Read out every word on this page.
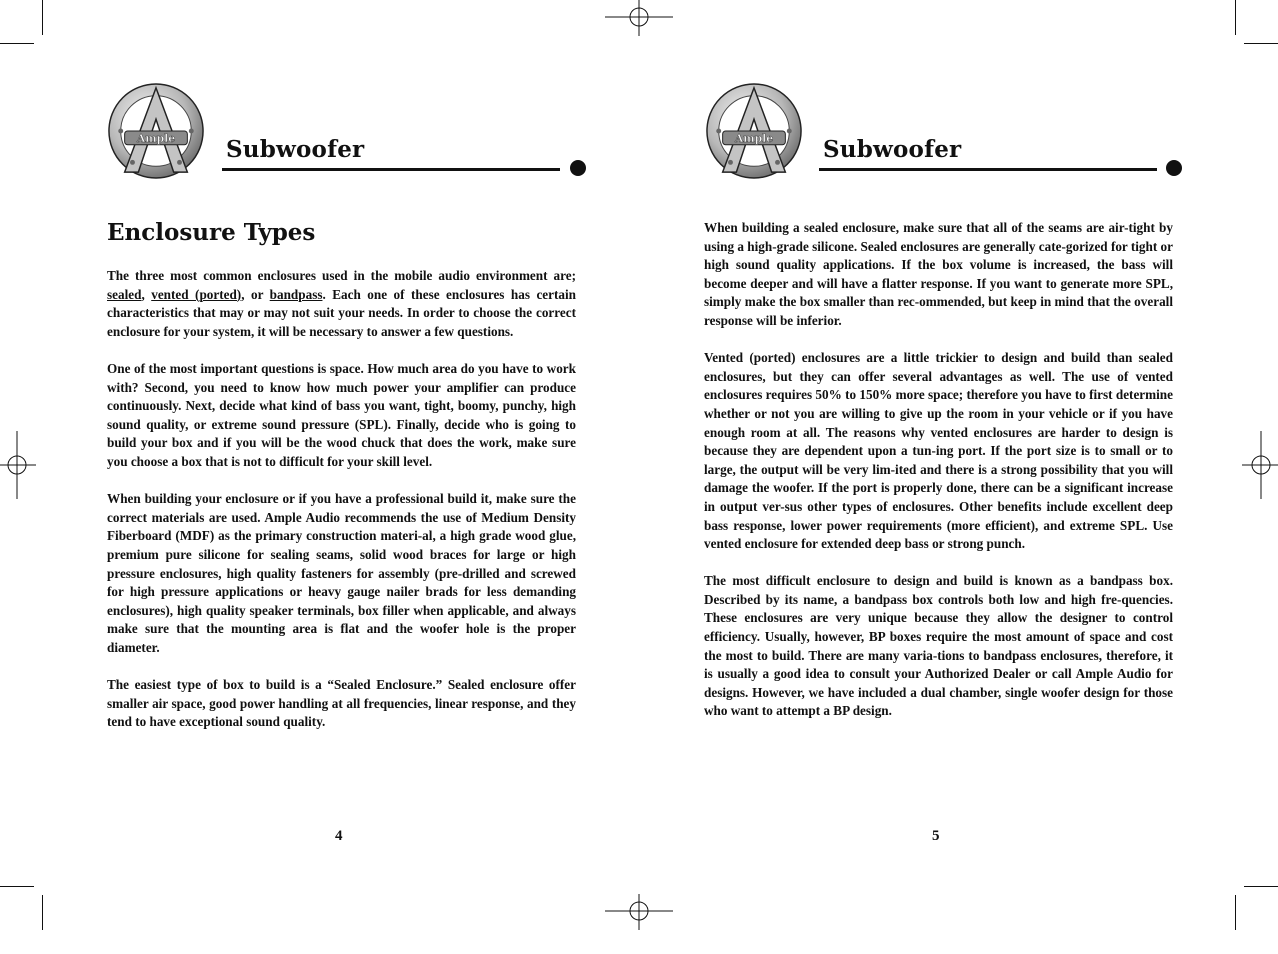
Ample Subwoofer
Enclosure Types

The three most common enclosures used in the mobile audio environment are; sealed, vented (ported), or bandpass. Each one of these enclosures has certain characteristics that may or may not suit your needs. In order to choose the correct enclosure for your system, it will be necessary to answer a few questions.

One of the most important questions is space. How much area do you have to work with? Second, you need to know how much power your amplifier can produce continuously. Next, decide what kind of bass you want, tight, boomy, punchy, high sound quality, or extreme sound pressure (SPL). Finally, decide who is going to build your box and if you will be the wood chuck that does the work, make sure you choose a box that is not to difficult for your skill level.

When building your enclosure or if you have a professional build it, make sure the correct materials are used. Ample Audio recommends the use of Medium Density Fiberboard (MDF) as the primary construction materi-al, a high grade wood glue, premium pure silicone for sealing seams, solid wood braces for large or high pressure enclosures, high quality fasteners for assembly (pre-drilled and screwed for high pressure applications or heavy gauge nailer brads for less demanding enclosures), high quality speaker terminals, box filler when applicable, and always make sure that the mounting area is flat and the woofer hole is the proper diameter.

The easiest type of box to build is a “Sealed Enclosure.” Sealed enclosure offer smaller air space, good power handling at all frequencies, linear response, and they tend to have exceptional sound quality.

4
Ample Subwoofer

When building a sealed enclosure, make sure that all of the seams are air-tight by using a high-grade silicone. Sealed enclosures are generally cate-gorized for tight or high sound quality applications. If the box volume is increased, the bass will become deeper and will have a flatter response. If you want to generate more SPL, simply make the box smaller than rec-ommended, but keep in mind that the overall response will be inferior.

Vented (ported) enclosures are a little trickier to design and build than sealed enclosures, but they can offer several advantages as well. The use of vented enclosures requires 50% to 150% more space; therefore you have to first determine whether or not you are willing to give up the room in your vehicle or if you have enough room at all. The reasons why vented enclosures are harder to design is because they are dependent upon a tun-ing port. If the port size is to small or to large, the output will be very lim-ited and there is a strong possibility that you will damage the woofer. If the port is properly done, there can be a significant increase in output ver-sus other types of enclosures. Other benefits include excellent deep bass response, lower power requirements (more efficient), and extreme SPL. Use vented enclosure for extended deep bass or strong punch.

The most difficult enclosure to design and build is known as a bandpass box. Described by its name, a bandpass box controls both low and high fre-quencies. These enclosures are very unique because they allow the designer to control efficiency. Usually, however, BP boxes require the most amount of space and cost the most to build. There are many varia-tions to bandpass enclosures, therefore, it is usually a good idea to consult your Authorized Dealer or call Ample Audio for designs. However, we have included a dual chamber, single woofer design for those who want to attempt a BP design.

5
